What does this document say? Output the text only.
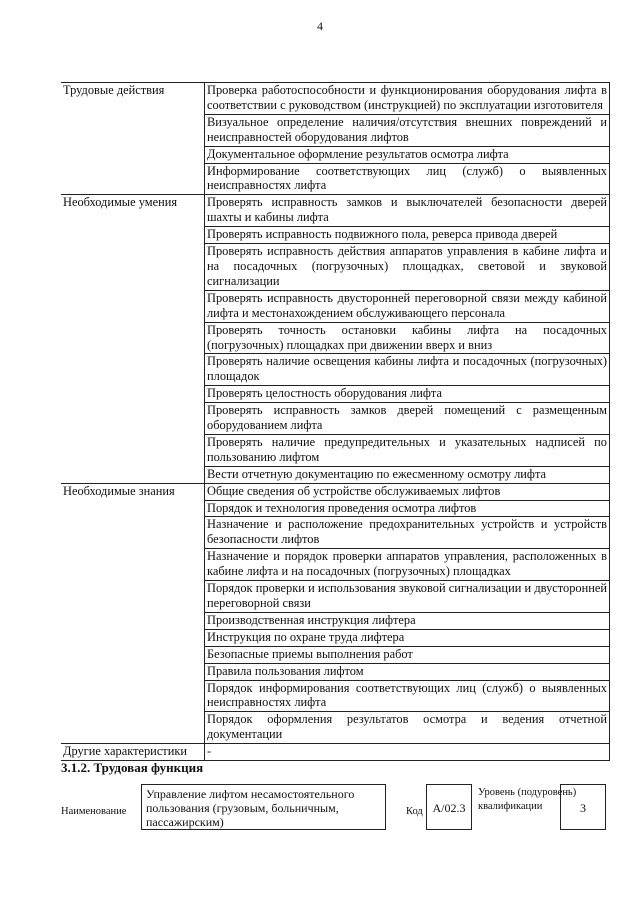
4
Трудовые действия	Проверка работоспособности и функционирования оборудования лифта в соответствии с руководством (инструкцией) по эксплуатации изготовителя
	Визуальное определение наличия/отсутствия внешних повреждений и неисправностей оборудования лифтов
	Документальное оформление результатов осмотра лифта
	Информирование соответствующих лиц (служб) о выявленных неисправностях лифта
Необходимые умения	Проверять исправность замков и выключателей безопасности дверей шахты и кабины лифта
	Проверять исправность подвижного пола, реверса привода дверей
	Проверять исправность действия аппаратов управления в кабине лифта и на посадочных (погрузочных) площадках, световой и звуковой сигнализации
	Проверять исправность двусторонней переговорной связи между кабиной лифта и местонахождением обслуживающего персонала
	Проверять точность остановки кабины лифта на посадочных (погрузочных) площадках при движении вверх и вниз
	Проверять наличие освещения кабины лифта и посадочных (погрузочных) площадок
	Проверять целостность оборудования лифта
	Проверять исправность замков дверей помещений с размещенным оборудованием лифта
	Проверять наличие предупредительных и указательных надписей по пользованию лифтом
	Вести отчетную документацию по ежесменному осмотру лифта
Необходимые знания	Общие сведения об устройстве обслуживаемых лифтов
	Порядок и технология проведения осмотра лифтов
	Назначение и расположение предохранительных устройств и устройств безопасности лифтов
	Назначение и порядок проверки аппаратов управления, расположенных в кабине лифта и на посадочных (погрузочных) площадках
	Порядок проверки и использования звуковой сигнализации и двусторонней переговорной связи
	Производственная инструкция лифтера
	Инструкция по охране труда лифтера
	Безопасные приемы выполнения работ
	Правила пользования лифтом
	Порядок информирования соответствующих лиц (служб) о выявленных неисправностях лифта
	Порядок оформления результатов осмотра и ведения отчетной документации
Другие характеристики	-
3.1.2. Трудовая функция
Наименование
Управление лифтом несамостоятельного пользования (грузовым, больничным, пассажирским)
Код A/02.3
Уровень (подуровень) квалификации	3
